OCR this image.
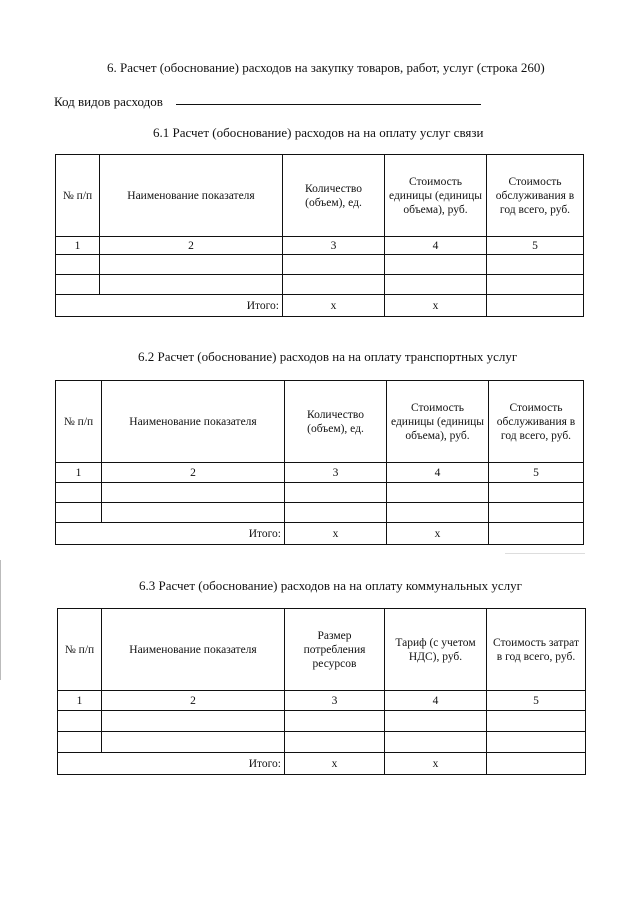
6. Расчет (обоснование) расходов на закупку товаров, работ, услуг (строка 260)
Код видов расходов
6.1 Расчет (обоснование) расходов на на оплату услуг связи
№ п/п	Наименование показателя	Количество (объем), ед.	Стоимость единицы (единицы объема), руб.	Стоимость обслуживания в год всего, руб.
1	2	3	4	5

Итого:		x	x	
6.2 Расчет (обоснование) расходов на на оплату транспортных услуг
№ п/п	Наименование показателя	Количество (объем), ед.	Стоимость единицы (единицы объема), руб.	Стоимость обслуживания в год всего, руб.
1	2	3	4	5

Итого:		x	x	
6.3 Расчет (обоснование) расходов на на оплату коммунальных услуг
№ п/п	Наименование показателя	Размер потребления ресурсов	Тариф (с учетом НДС), руб.	Стоимость затрат в год всего, руб.
1	2	3	4	5

Итого:		x	x	
